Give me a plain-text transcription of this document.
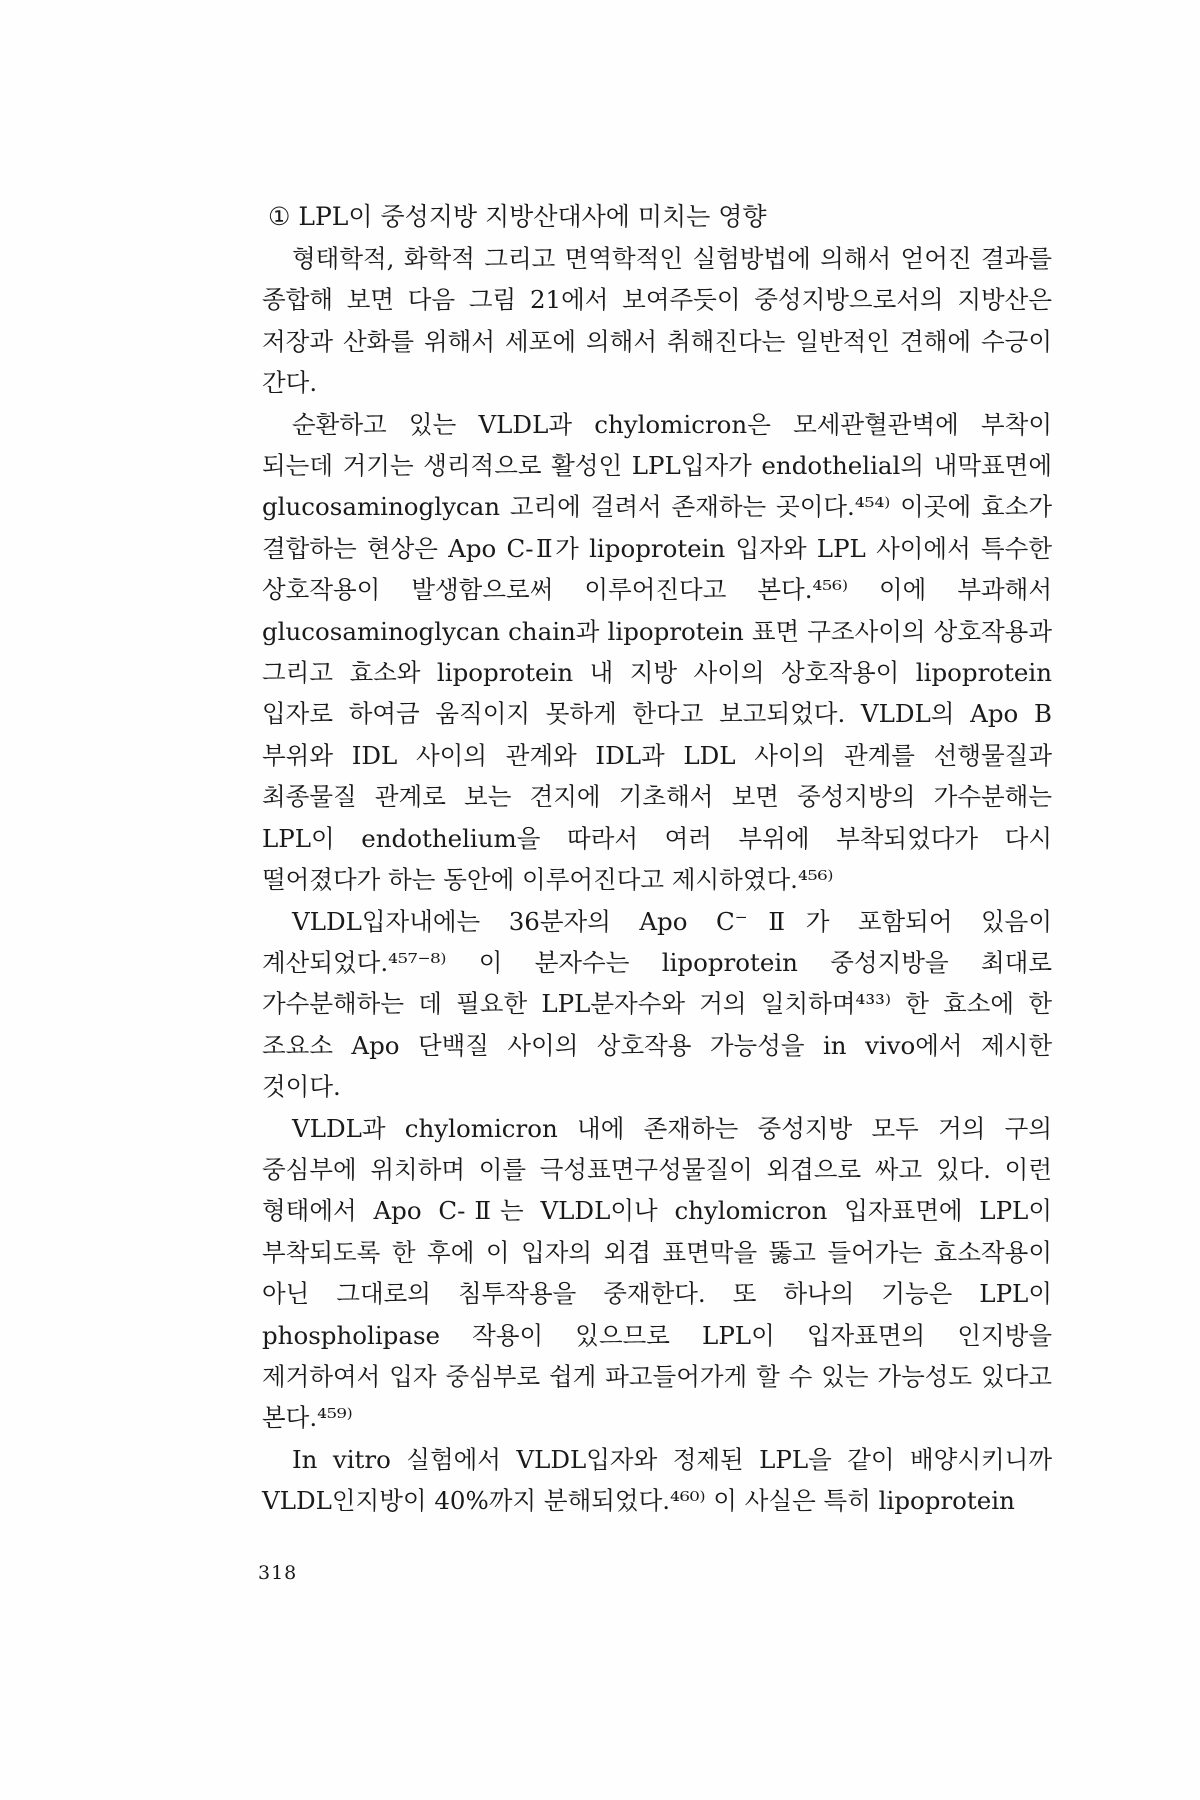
① LPL이 중성지방 지방산대사에 미치는 영향

형태학적, 화학적 그리고 면역학적인 실험방법에 의해서 얻어진 결과를 종합해 보면 다음 그림 21에서 보여주듯이 중성지방으로서의 지방산은 저장과 산화를 위해서 세포에 의해서 취해진다는 일반적인 견해에 수긍이 간다.

순환하고 있는 VLDL과 chylomicron은 모세관혈관벽에 부착이 되는데 거기는 생리적으로 활성인 LPL입자가 endothelial의 내막표면에 glucosaminoglycan 고리에 걸려서 존재하는 곳이다.⁴⁵⁴⁾ 이곳에 효소가 결합하는 현상은 Apo C-Ⅱ가 lipoprotein 입자와 LPL 사이에서 특수한 상호작용이 발생함으로써 이루어진다고 본다.⁴⁵⁶⁾ 이에 부과해서 glucosaminoglycan chain과 lipoprotein 표면 구조사이의 상호작용과 그리고 효소와 lipoprotein 내 지방 사이의 상호작용이 lipoprotein 입자로 하여금 움직이지 못하게 한다고 보고되었다. VLDL의 Apo B 부위와 IDL 사이의 관계와 IDL과 LDL 사이의 관계를 선행물질과 최종물질 관계로 보는 견지에 기초해서 보면 중성지방의 가수분해는 LPL이 endothelium을 따라서 여러 부위에 부착되었다가 다시 떨어졌다가 하는 동안에 이루어진다고 제시하였다.⁴⁵⁶⁾

VLDL입자내에는 36분자의 Apo C⁻Ⅱ가 포함되어 있음이 계산되었다.⁴⁵⁷⁻⁸⁾ 이 분자수는 lipoprotein 중성지방을 최대로 가수분해하는 데 필요한 LPL분자수와 거의 일치하며⁴³³⁾ 한 효소에 한 조요소 Apo 단백질 사이의 상호작용 가능성을 in vivo에서 제시한 것이다.

VLDL과 chylomicron 내에 존재하는 중성지방 모두 거의 구의 중심부에 위치하며 이를 극성표면구성물질이 외겹으로 싸고 있다. 이런 형태에서 Apo C-Ⅱ는 VLDL이나 chylomicron 입자표면에 LPL이 부착되도록 한 후에 이 입자의 외겹 표면막을 뚫고 들어가는 효소작용이 아닌 그대로의 침투작용을 중재한다. 또 하나의 기능은 LPL이 phospholipase 작용이 있으므로 LPL이 입자표면의 인지방을 제거하여서 입자 중심부로 쉽게 파고들어가게 할 수 있는 가능성도 있다고 본다.⁴⁵⁹⁾

In vitro 실험에서 VLDL입자와 정제된 LPL을 같이 배양시키니까 VLDL인지방이 40%까지 분해되었다.⁴⁶⁰⁾ 이 사실은 특히 lipoprotein

318
